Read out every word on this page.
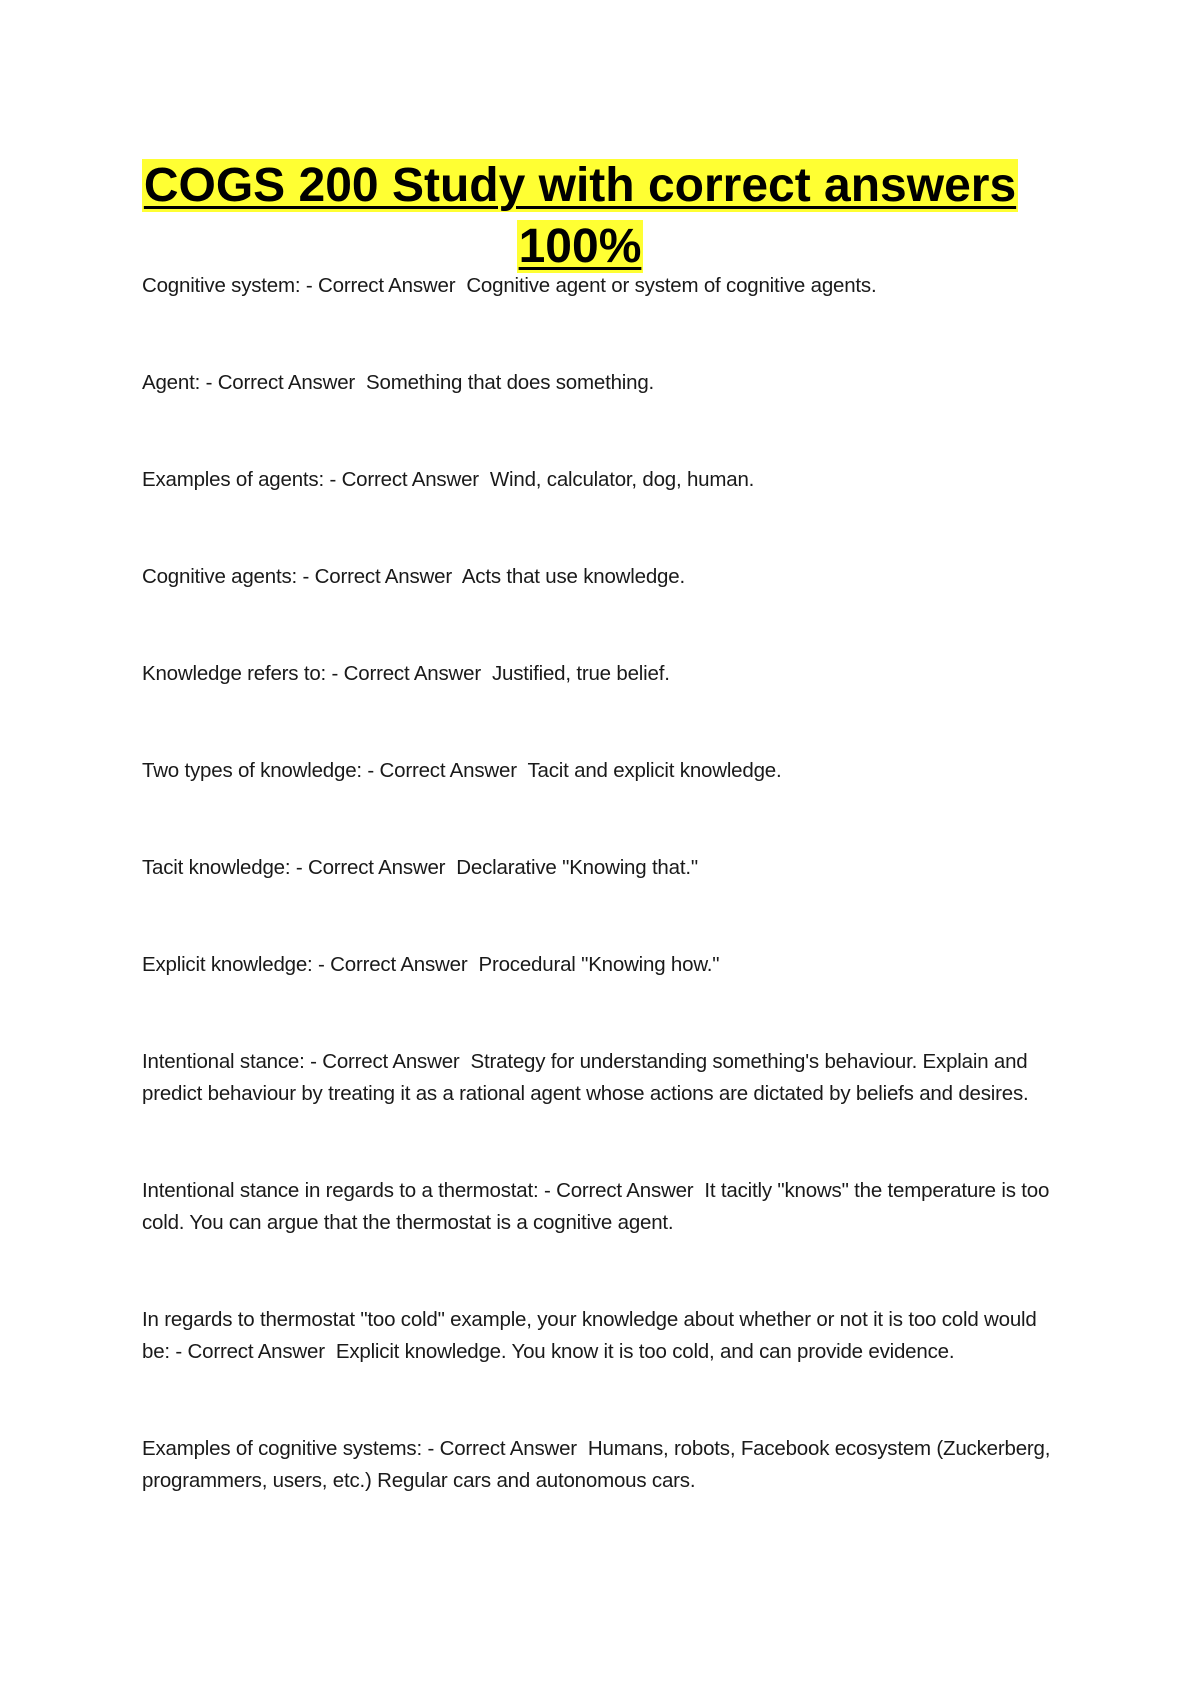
COGS 200 Study with correct answers
100%
Cognitive system: - Correct Answer  Cognitive agent or system of cognitive agents.
Agent: - Correct Answer  Something that does something.
Examples of agents: - Correct Answer  Wind, calculator, dog, human.
Cognitive agents: - Correct Answer  Acts that use knowledge.
Knowledge refers to: - Correct Answer  Justified, true belief.
Two types of knowledge: - Correct Answer  Tacit and explicit knowledge.
Tacit knowledge: - Correct Answer  Declarative "Knowing that."
Explicit knowledge: - Correct Answer  Procedural "Knowing how."
Intentional stance: - Correct Answer  Strategy for understanding something's behaviour. Explain and predict behaviour by treating it as a rational agent whose actions are dictated by beliefs and desires.
Intentional stance in regards to a thermostat: - Correct Answer  It tacitly "knows" the temperature is too cold. You can argue that the thermostat is a cognitive agent.
In regards to thermostat "too cold" example, your knowledge about whether or not it is too cold would be: - Correct Answer  Explicit knowledge. You know it is too cold, and can provide evidence.
Examples of cognitive systems: - Correct Answer  Humans, robots, Facebook ecosystem (Zuckerberg, programmers, users, etc.) Regular cars and autonomous cars.
